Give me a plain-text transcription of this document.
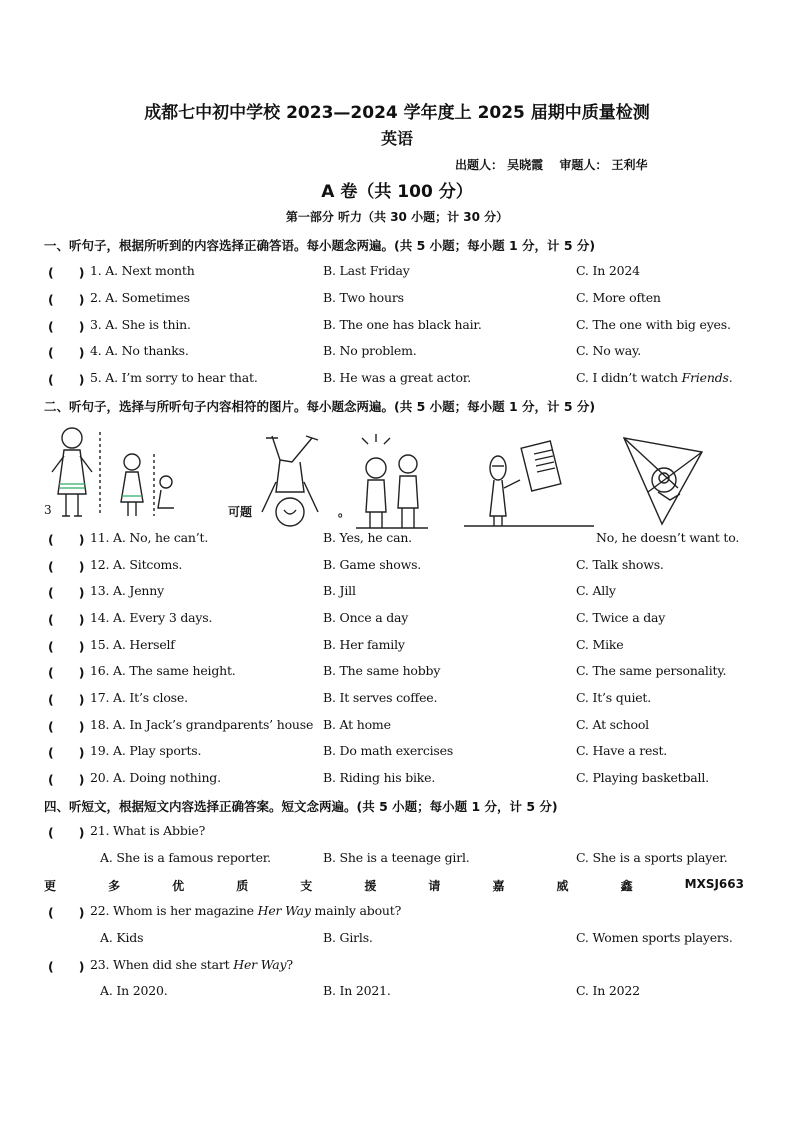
成都七中初中学校 2023—2024 学年度上 2025 届期中质量检测
英语
出题人： 吴晓霞　 审题人： 王利华
A 卷（共 100 分）
第一部分 听力（共 30 小题；计 30 分）
一、听句子，根据所听到的内容选择正确答语。每小题念两遍。(共 5 小题；每小题 1 分，计 5 分)
(　　) 1. A. Next month	B. Last Friday	C. In 2024
(　　) 2. A. Sometimes	B. Two hours	C. More often
(　　) 3. A. She is thin.	B. The one has black hair.	C. The one with big eyes.
(　　) 4. A. No thanks.	B. No problem.	C. No way.
(　　) 5. A. I’m sorry to hear that.	B. He was a great actor.	C. I didn’t watch Friends.
二、听句子，选择与所听句子内容相符的图片。每小题念两遍。(共 5 小题；每小题 1 分，计 5 分)
3	可题	。
(　　) 11. A. No, he can’t.	B. Yes, he can.	No, he doesn’t want to.
(　　) 12. A. Sitcoms.	B. Game shows.	C. Talk shows.
(　　) 13. A. Jenny	B. Jill	C. Ally
(　　) 14. A. Every 3 days.	B. Once a day	C. Twice a day
(　　) 15. A. Herself	B. Her family	C. Mike
(　　) 16. A. The same height.	B. The same hobby	C. The same personality.
(　　) 17. A. It’s close.	B. It serves coffee.	C. It’s quiet.
(　　) 18. A. In Jack’s grandparents’ house B. At home	C. At school
(　　) 19. A. Play sports.	B. Do math exercises	C. Have a rest.
(　　) 20. A. Doing nothing.	B. Riding his bike.	C. Playing basketball.
四、听短文，根据短文内容选择正确答案。短文念两遍。(共 5 小题；每小题 1 分，计 5 分)
(　　) 21. What is Abbie?
A. She is a famous reporter.	B. She is a teenage girl.	C. She is a sports player.
更	多	优	质	支	援	请	嘉	威	鑫	MXSJ663
(　　) 22. Whom is her magazine Her Way mainly about?
A. Kids	B. Girls.	C. Women sports players.
(　　) 23. When did she start Her Way?
A. In 2020.	B. In 2021.	C. In 2022
